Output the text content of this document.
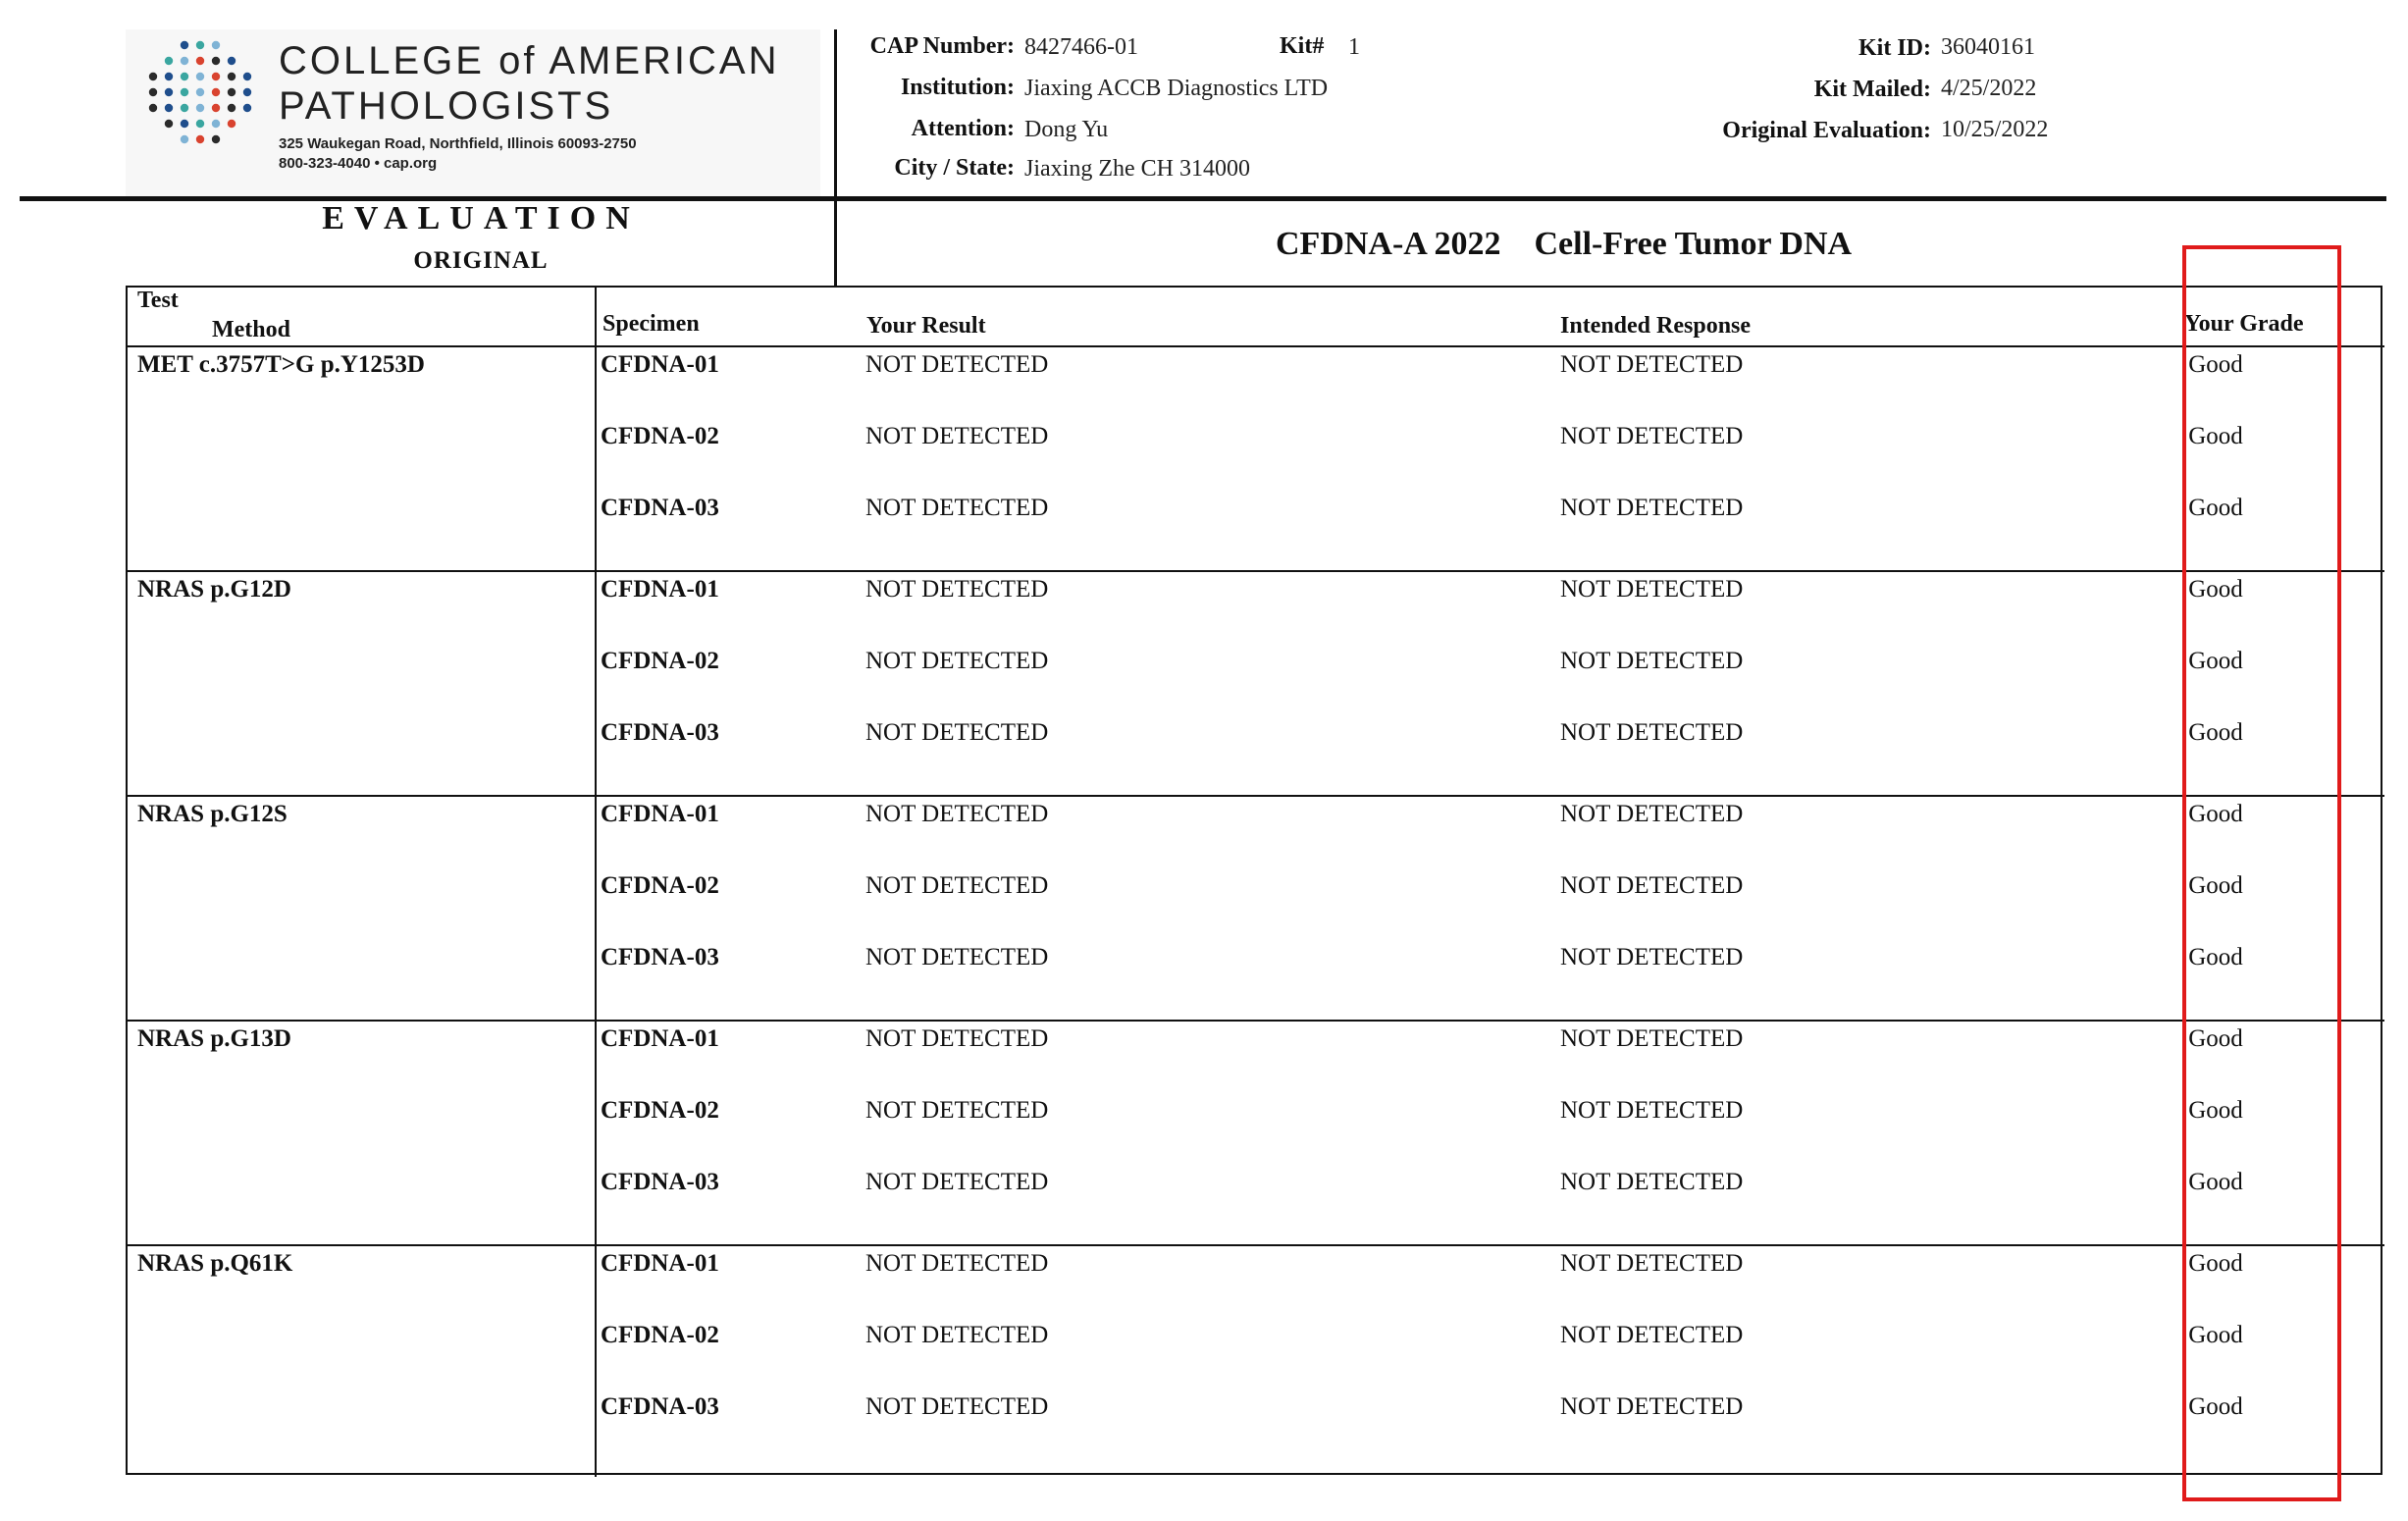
COLLEGE of AMERICAN
PATHOLOGISTS
325 Waukegan Road, Northfield, Illinois 60093-2750
800-323-4040 • cap.org
CAP Number: 8427466-01	Kit# 1
Institution: Jiaxing ACCB Diagnostics LTD
Attention: Dong Yu
City / State: Jiaxing Zhe CH 314000
Kit ID: 36040161
Kit Mailed: 4/25/2022
Original Evaluation: 10/25/2022
EVALUATION
ORIGINAL	CFDNA-A 2022    Cell-Free Tumor DNA
Test
Method	Specimen	Your Result	Intended Response	Your Grade
MET c.3757T>G p.Y1253D	CFDNA-01	NOT DETECTED	NOT DETECTED	Good
CFDNA-02	NOT DETECTED	NOT DETECTED	Good
CFDNA-03	NOT DETECTED	NOT DETECTED	Good
NRAS p.G12D	CFDNA-01	NOT DETECTED	NOT DETECTED	Good
CFDNA-02	NOT DETECTED	NOT DETECTED	Good
CFDNA-03	NOT DETECTED	NOT DETECTED	Good
NRAS p.G12S	CFDNA-01	NOT DETECTED	NOT DETECTED	Good
CFDNA-02	NOT DETECTED	NOT DETECTED	Good
CFDNA-03	NOT DETECTED	NOT DETECTED	Good
NRAS p.G13D	CFDNA-01	NOT DETECTED	NOT DETECTED	Good
CFDNA-02	NOT DETECTED	NOT DETECTED	Good
CFDNA-03	NOT DETECTED	NOT DETECTED	Good
NRAS p.Q61K	CFDNA-01	NOT DETECTED	NOT DETECTED	Good
CFDNA-02	NOT DETECTED	NOT DETECTED	Good
CFDNA-03	NOT DETECTED	NOT DETECTED	Good
